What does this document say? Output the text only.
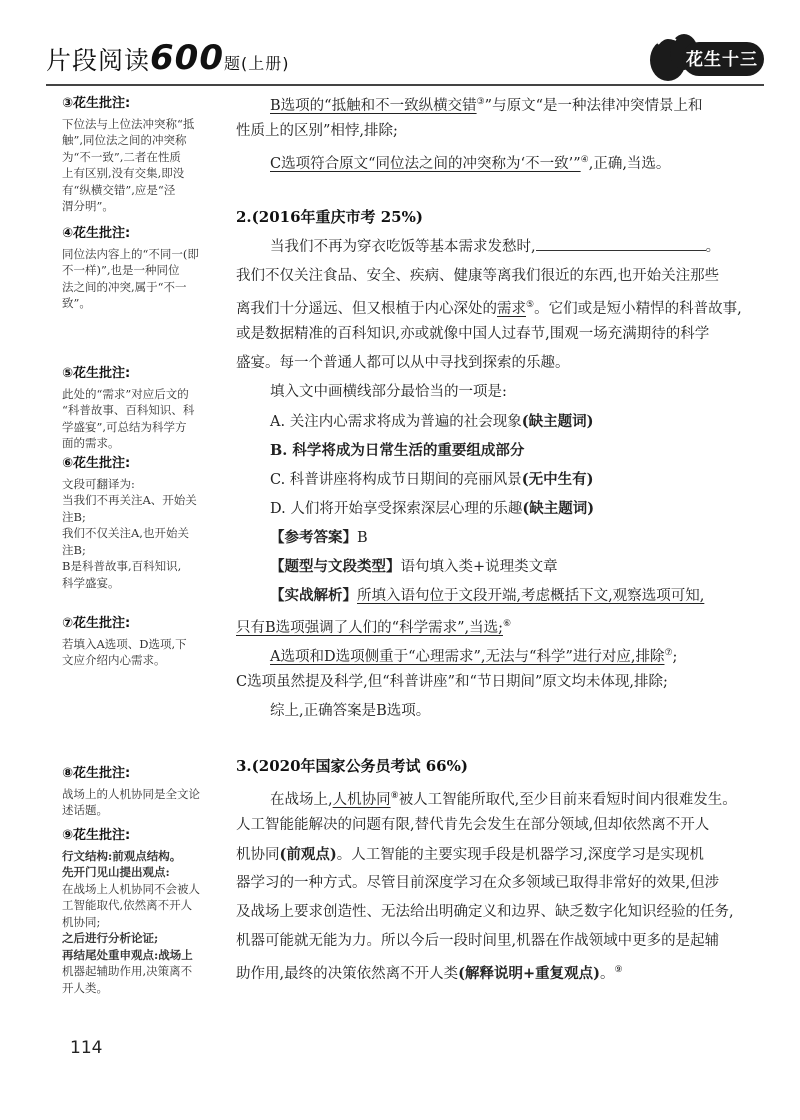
片段阅读600题(上册)	花生十三
③花生批注:
下位法与上位法冲突称“抵
触”,同位法之间的冲突称
为“不一致”,二者在性质
上有区别,没有交集,即没
有“纵横交错”,应是“泾
渭分明”。
④花生批注:
同位法内容上的“不同一(即
不一样)”,也是一种同位
法之间的冲突,属于“不一
致”。
⑤花生批注:
此处的“需求”对应后文的
“科普故事、百科知识、科
学盛宴”,可总结为科学方
面的需求。
⑥花生批注:
文段可翻译为:
当我们不再关注A、开始关
注B;
我们不仅关注A,也开始关
注B;
B是科普故事,百科知识,
科学盛宴。
⑦花生批注:
若填入A选项、D选项,下
文应介绍内心需求。
⑧花生批注:
战场上的人机协同是全文论
述话题。
⑨花生批注:
行文结构:前观点结构。
先开门见山提出观点:
在战场上人机协同不会被人
工智能取代,依然离不开人
机协同;
之后进行分析论证;
再结尾处重申观点:战场上
机器起辅助作用,决策离不
开人类。
B选项的“抵触和不一致纵横交错③”与原文“是一种法律冲突情景上和
性质上的区别”相悖,排除;
C选项符合原文“同位法之间的冲突称为‘不一致’”④,正确,当选。
2.(2016年重庆市考 25%)
当我们不再为穿衣吃饭等基本需求发愁时,	。
我们不仅关注食品、安全、疾病、健康等离我们很近的东西,也开始关注那些
离我们十分遥远、但又根植于内心深处的需求⑤。它们或是短小精悍的科普故事,
或是数据精准的百科知识,亦或就像中国人过春节,围观一场充满期待的科学
盛宴。每一个普通人都可以从中寻找到探索的乐趣。
填入文中画横线部分最恰当的一项是:
A. 关注内心需求将成为普遍的社会现象(缺主题词)
B. 科学将成为日常生活的重要组成部分
C. 科普讲座将构成节日期间的亮丽风景(无中生有)
D. 人们将开始享受探索深层心理的乐趣(缺主题词)
【参考答案】B
【题型与文段类型】语句填入类+说理类文章
【实战解析】所填入语句位于文段开端,考虑概括下文,观察选项可知,
只有B选项强调了人们的“科学需求”,当选;⑥
A选项和D选项侧重于“心理需求”,无法与“科学”进行对应,排除⑦;
C选项虽然提及科学,但“科普讲座”和“节日期间”原文均未体现,排除;
综上,正确答案是B选项。
3.(2020年国家公务员考试 66%)
在战场上,人机协同⑧被人工智能所取代,至少目前来看短时间内很难发生。
人工智能能解决的问题有限,替代肯先会发生在部分领域,但却依然离不开人
机协同(前观点)。人工智能的主要实现手段是机器学习,深度学习是实现机
器学习的一种方式。尽管目前深度学习在众多领域已取得非常好的效果,但涉
及战场上要求创造性、无法给出明确定义和边界、缺乏数字化知识经验的任务,
机器可能就无能为力。所以今后一段时间里,机器在作战领域中更多的是起辅
助作用,最终的决策依然离不开人类(解释说明+重复观点)。⑨
114
